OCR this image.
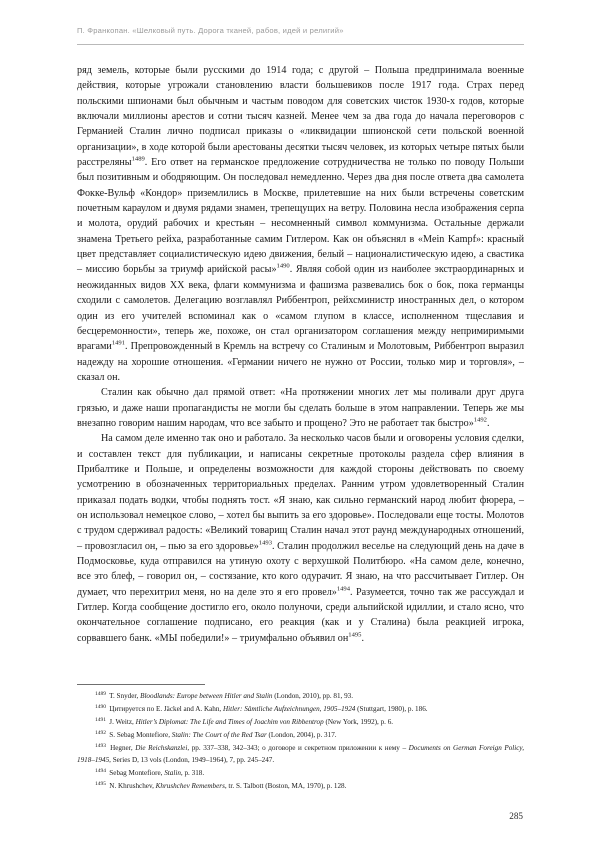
П. Франкопан. «Шелковый путь. Дорога тканей, рабов, идей и религий»

ряд земель, которые были русскими до 1914 года; с другой – Польша предпринимала военные действия, которые угрожали становлению власти большевиков после 1917 года. Страх перед польскими шпионами был обычным и частым поводом для советских чисток 1930-х годов, которые включали миллионы арестов и сотни тысяч казней. Менее чем за два года до начала переговоров с Германией Сталин лично подписал приказы о «ликвидации шпионской сети польской военной организации», в ходе которой были арестованы десятки тысяч человек, из которых четыре пятых были расстреляны$^{1489}$. Его ответ на германское предложение сотрудничества не только по поводу Польши был позитивным и ободряющим. Он последовал немедленно. Через два дня после ответа два самолета Фокке-Вульф «Кондор» приземлились в Москве, прилетевшие на них были встречены советским почетным караулом и двумя рядами знамен, трепещущих на ветру. Половина несла изображения серпа и молота, орудий рабочих и крестьян – несомненный символ коммунизма. Остальные держали знамена Третьего рейха, разработанные самим Гитлером. Как он объяснял в «Mein Kampf»: красный цвет представляет социалистическую идею движения, белый – националистическую идею, а свастика – миссию борьбы за триумф арийской расы»$^{1490}$. Являя собой один из наиболее экстраординарных и неожиданных видов XX века, флаги коммунизма и фашизма развевались бок о бок, пока германцы сходили с самолетов. Делегацию возглавлял Риббентроп, рейхсминистр иностранных дел, о котором один из его учителей вспоминал как о «самом глупом в классе, исполненном тщеславия и бесцеремонности», теперь же, похоже, он стал организатором соглашения между непримиримыми врагами$^{1491}$. Препровожденный в Кремль на встречу со Сталиным и Молотовым, Риббентроп выразил надежду на хорошие отношения. «Германии ничего не нужно от России, только мир и торговля», – сказал он.

Сталин как обычно дал прямой ответ: «На протяжении многих лет мы поливали друг друга грязью, и даже наши пропагандисты не могли бы сделать больше в этом направлении. Теперь же мы внезапно говорим нашим народам, что все забыто и прощено? Это не работает так быстро»$^{1492}$.

На самом деле именно так оно и работало. За несколько часов были и оговорены условия сделки, и составлен текст для публикации, и написаны секретные протоколы раздела сфер влияния в Прибалтике и Польше, и определены возможности для каждой стороны действовать по своему усмотрению в обозначенных территориальных пределах. Ранним утром удовлетворенный Сталин приказал подать водки, чтобы поднять тост. «Я знаю, как сильно германский народ любит фюрера, – он использовал немецкое слово, – хотел бы выпить за его здоровье». Последовали еще тосты. Молотов с трудом сдерживал радость: «Великий товарищ Сталин начал этот раунд международных отношений, – провозгласил он, – пью за его здоровье»$^{1493}$. Сталин продолжил веселье на следующий день на даче в Подмосковье, куда отправился на утиную охоту с верхушкой Политбюро. «На самом деле, конечно, все это блеф, – говорил он, – состязание, кто кого одурачит. Я знаю, на что рассчитывает Гитлер. Он думает, что перехитрил меня, но на деле это я его провел»$^{1494}$. Разумеется, точно так же рассуждал и Гитлер. Когда сообщение достигло его, около полуночи, среди альпийской идиллии, и стало ясно, что окончательное соглашение подписано, его реакция (как и у Сталина) была реакцией игрока, сорвавшего банк. «МЫ победили!» – триумфально объявил он$^{1495}$.

$^{1489}$ T. Snyder, Bloodlands: Europe between Hitler and Stalin (London, 2010), pp. 81, 93.
$^{1490}$ Цитируется по E. Jäckel and A. Kahn, Hitler: Sämtliche Aufzeichnungen, 1905–1924 (Stuttgart, 1980), p. 186.
$^{1491}$ J. Weitz, Hitler’s Diplomat: The Life and Times of Joachim von Ribbentrop (New York, 1992), p. 6.
$^{1492}$ S. Sebag Montefiore, Stalin: The Court of the Red Tsar (London, 2004), p. 317.
$^{1493}$ Hegner, Die Reichskanzlei, pp. 337–338, 342–343; о договоре и секретном приложении к нему – Documents on German Foreign Policy, 1918–1945, Series D, 13 vols (London, 1949–1964), 7, pp. 245–247.
$^{1494}$ Sebag Montefiore, Stalin, p. 318.
$^{1495}$ N. Khrushchev, Khrushchev Remembers, tr. S. Talbott (Boston, MA, 1970), p. 128.
285
